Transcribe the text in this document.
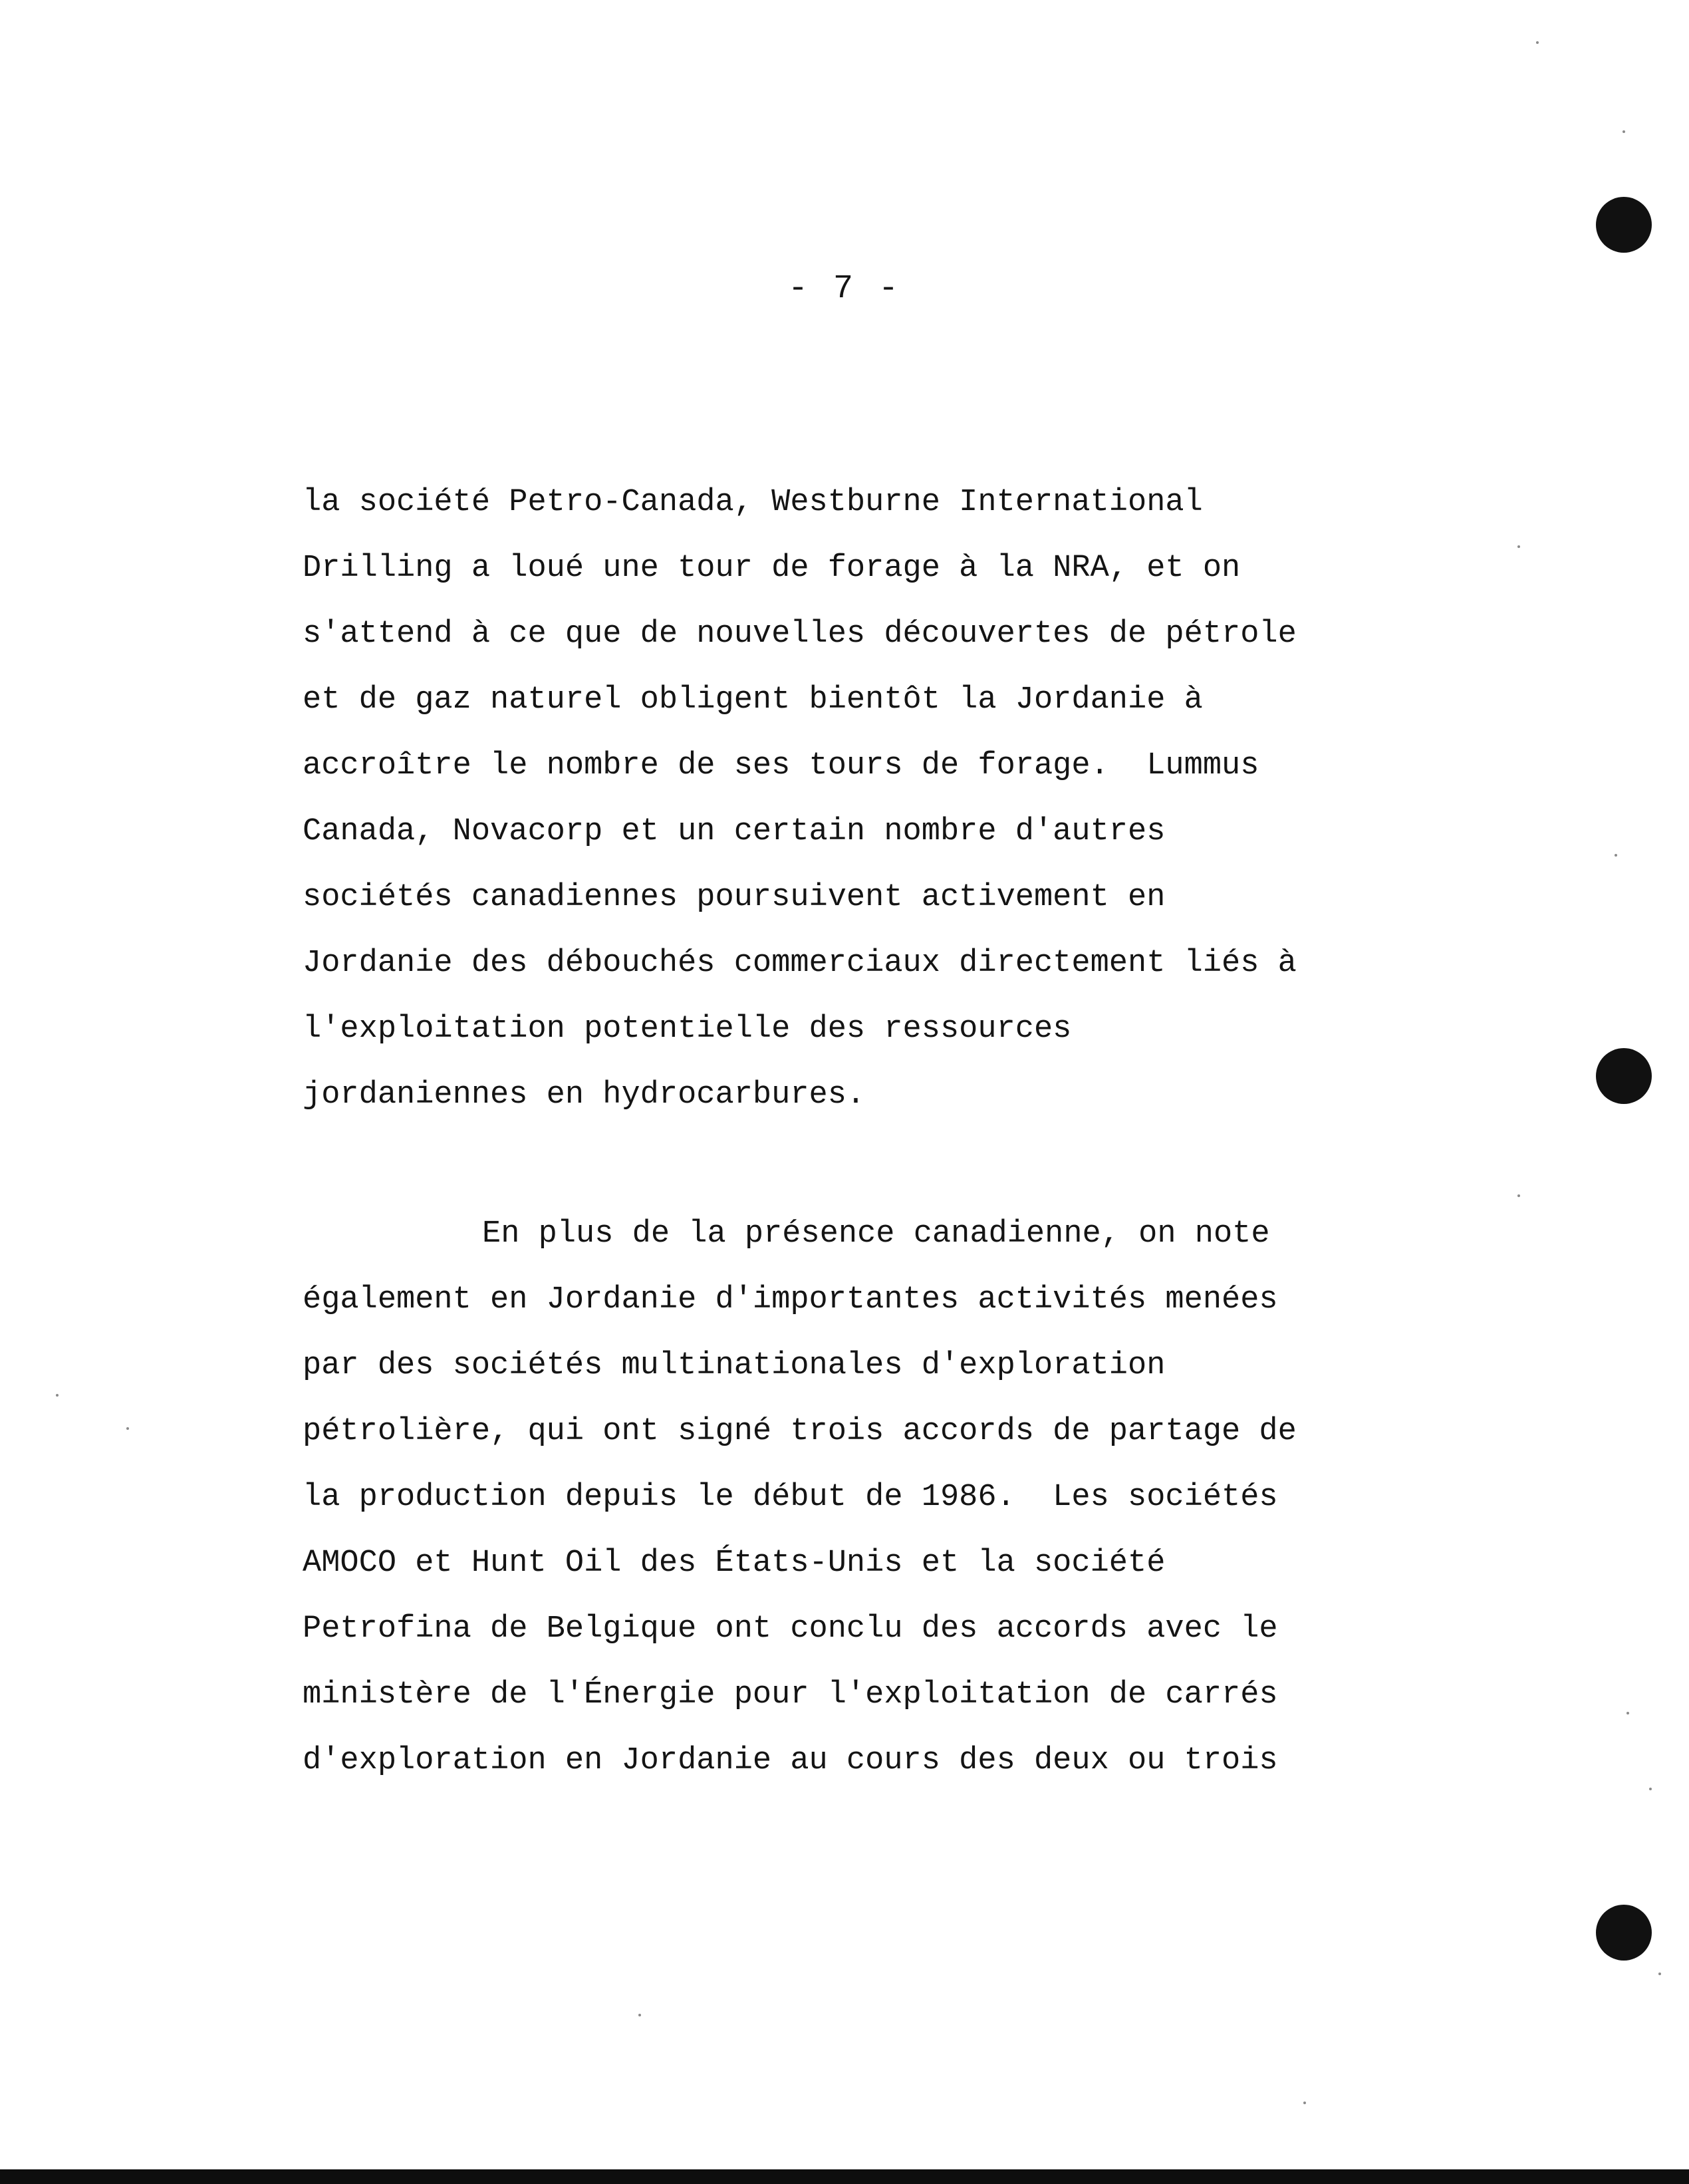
- 7 -
la société Petro-Canada, Westburne International
Drilling a loué une tour de forage à la NRA, et on
s'attend à ce que de nouvelles découvertes de pétrole
et de gaz naturel obligent bientôt la Jordanie à
accroître le nombre de ses tours de forage.  Lummus
Canada, Novacorp et un certain nombre d'autres
sociétés canadiennes poursuivent activement en
Jordanie des débouchés commerciaux directement liés à
l'exploitation potentielle des ressources
jordaniennes en hydrocarbures.
En plus de la présence canadienne, on note
également en Jordanie d'importantes activités menées
par des sociétés multinationales d'exploration
pétrolière, qui ont signé trois accords de partage de
la production depuis le début de 1986.  Les sociétés
AMOCO et Hunt Oil des États-Unis et la société
Petrofina de Belgique ont conclu des accords avec le
ministère de l'Énergie pour l'exploitation de carrés
d'exploration en Jordanie au cours des deux ou trois
